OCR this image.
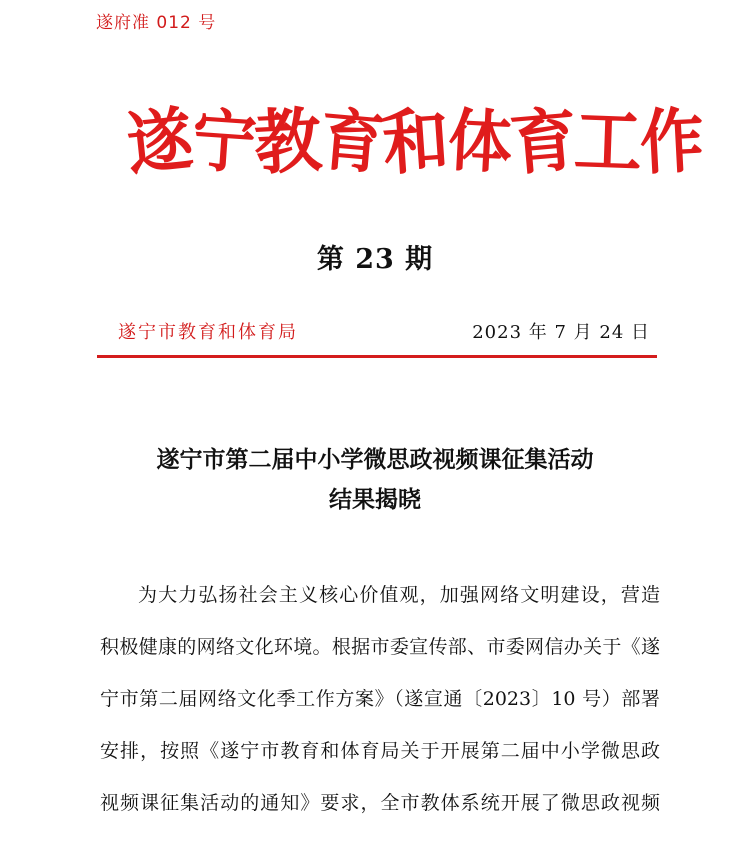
遂府准 012 号
遂
宁
教
育
和
体
育
工
作
第 23 期
遂宁市教育和体育局	2023 年 7 月 24 日
遂宁市第二届中小学微思政视频课征集活动
结果揭晓
为大力弘扬社会主义核心价值观，加强网络文明建设，营造
积极健康的网络文化环境。根据市委宣传部、市委网信办关于《遂
宁市第二届网络文化季工作方案》（遂宣通〔2023〕10 号）部署
安排，按照《遂宁市教育和体育局关于开展第二届中小学微思政
视频课征集活动的通知》要求，全市教体系统开展了微思政视频
